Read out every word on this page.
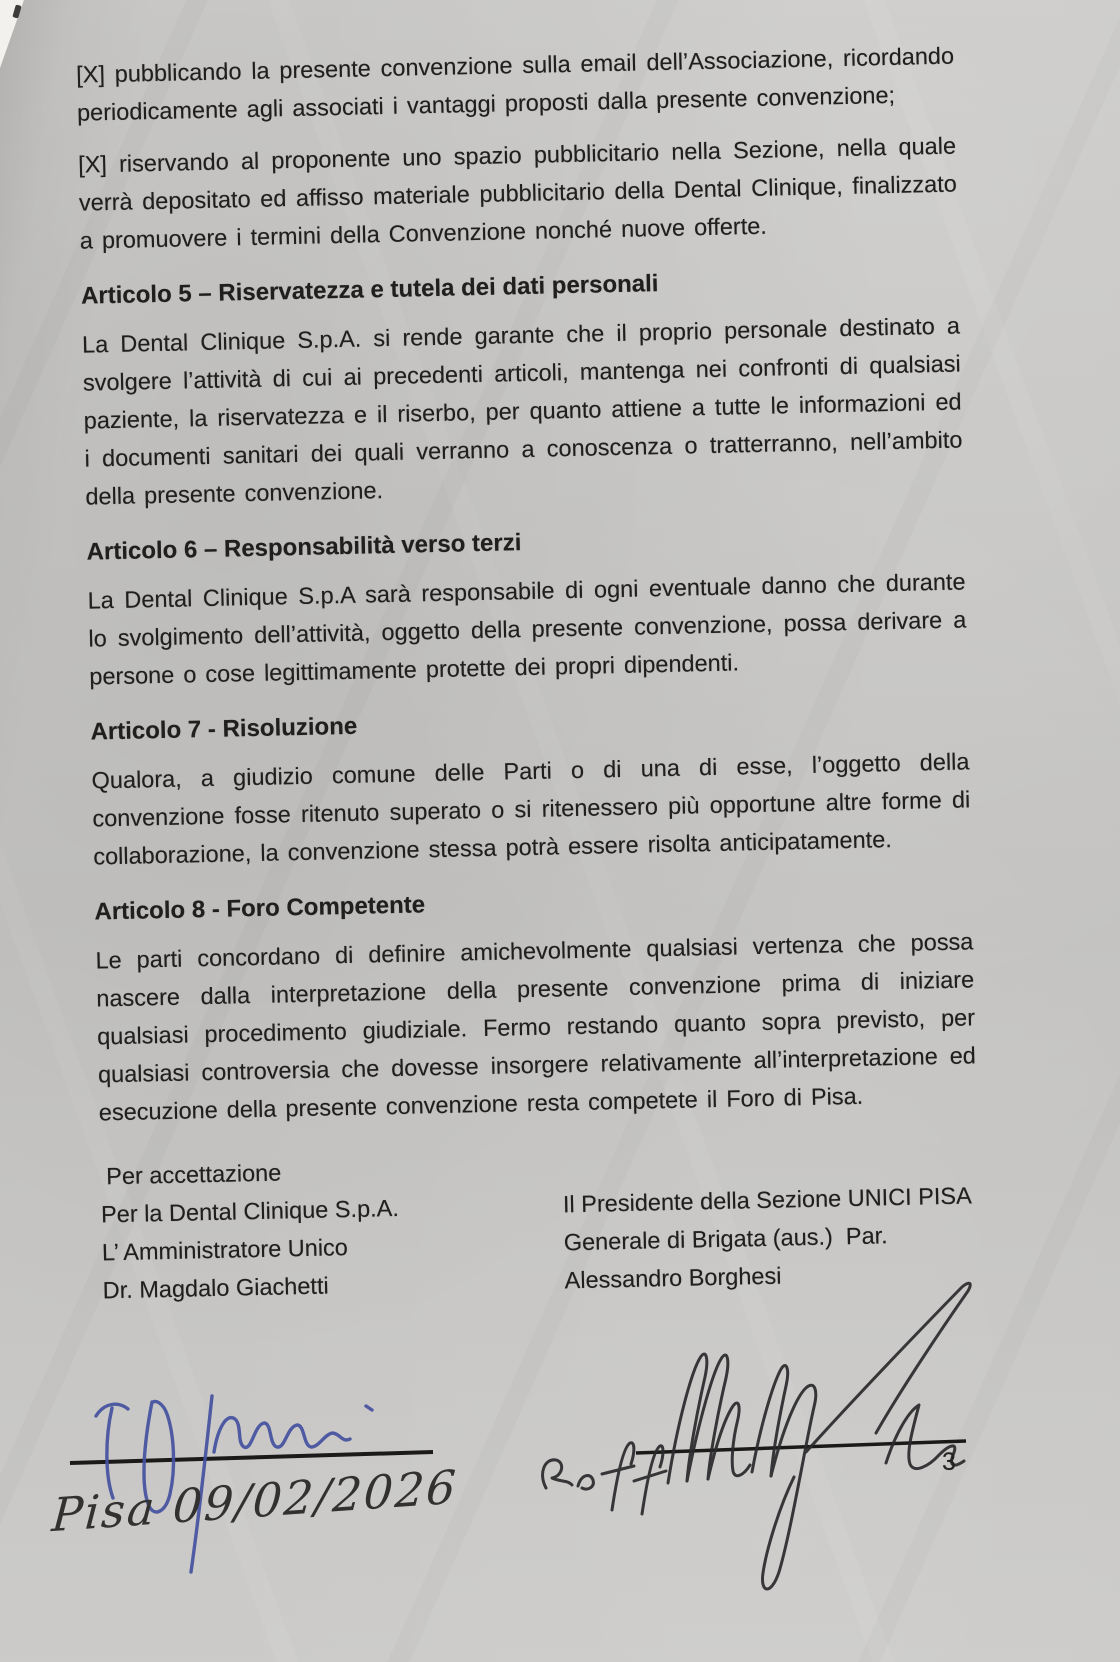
[X] pubblicando la presente convenzione sulla email dell’Associazione, ricordando periodicamente agli associati i vantaggi proposti dalla presente convenzione;

[X] riservando al proponente uno spazio pubblicitario nella Sezione, nella quale verrà depositato ed affisso materiale pubblicitario della Dental Clinique, finalizzato a promuovere i termini della Convenzione nonché nuove offerte.

Articolo 5 – Riservatezza e tutela dei dati personali

La Dental Clinique S.p.A. si rende garante che il proprio personale destinato a svolgere l’attività di cui ai precedenti articoli, mantenga nei confronti di qualsiasi paziente, la riservatezza e il riserbo, per quanto attiene a tutte le informazioni ed i documenti sanitari dei quali verranno a conoscenza o tratterranno, nell’ambito della presente convenzione.

Articolo 6 – Responsabilità verso terzi

La Dental Clinique S.p.A sarà responsabile di ogni eventuale danno che durante lo svolgimento dell’attività, oggetto della presente convenzione, possa derivare a persone o cose legittimamente protette dei propri dipendenti.

Articolo 7 - Risoluzione

Qualora, a giudizio comune delle Parti o di una di esse, l’oggetto della convenzione fosse ritenuto superato o si ritenessero più opportune altre forme di collaborazione, la convenzione stessa potrà essere risolta anticipatamente.

Articolo 8 - Foro Competente

Le parti concordano di definire amichevolmente qualsiasi vertenza che possa nascere dalla interpretazione della presente convenzione prima di iniziare qualsiasi procedimento giudiziale. Fermo restando quanto sopra previsto, per qualsiasi controversia che dovesse insorgere relativamente all’interpretazione ed esecuzione della presente convenzione resta competete il Foro di Pisa.

Per accettazione
Per la Dental Clinique S.p.A.
L’ Amministratore Unico
Dr. Magdalo Giachetti
Il Presidente della Sezione UNICI PISA
Generale di Brigata (aus.)  Par.
Alessandro Borghesi
3
Pisa 09/02/2026
